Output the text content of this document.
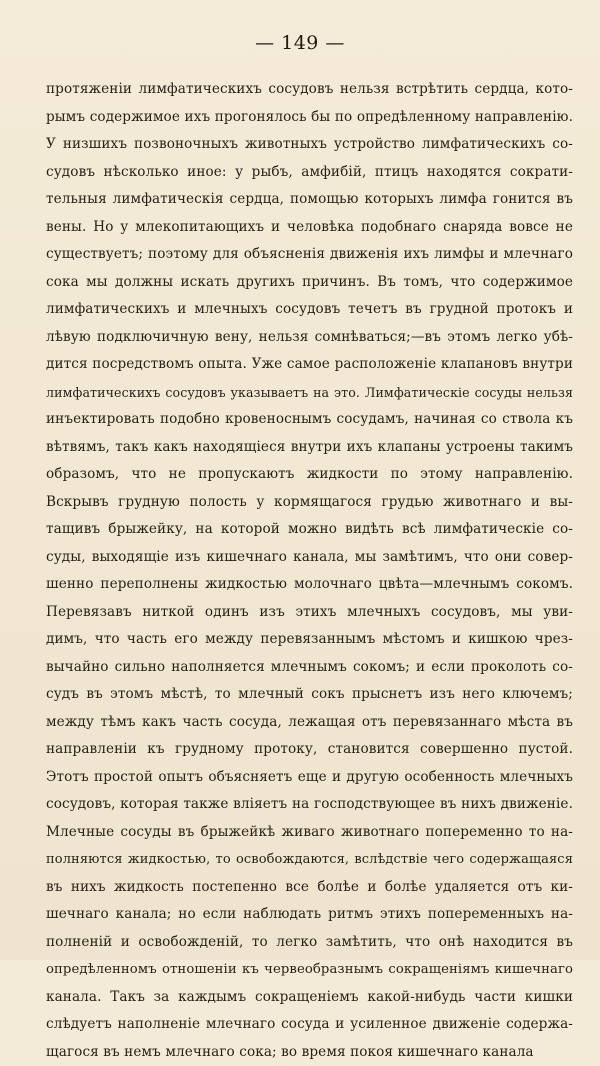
— 149 —
протяженіи лимфатическихъ сосудовъ нельзя встрѣтить сердца, кото-
рымъ содержимое ихъ прогонялось бы по опредѣленному направленію.
У низшихъ позвоночныхъ животныхъ устройство лимфатическихъ со-
судовъ нѣсколько иное: у рыбъ, амфибій, птицъ находятся сократи-
тельныя лимфатическія сердца, помощью которыхъ лимфа гонится въ
вены. Но у млекопитающихъ и человѣка подобнаго снаряда вовсе не
существуетъ; поэтому для объясненія движенія ихъ лимфы и млечнаго
сока мы должны искать другихъ причинъ. Въ томъ, что содержимое
лимфатическихъ и млечныхъ сосудовъ течетъ въ грудной протокъ и
лѣвую подключичную вену, нельзя сомнѣваться;—въ этомъ легко убѣ-
дится посредствомъ опыта. Уже самое расположеніе клапановъ внутри
лимфатическихъ сосудовъ указываетъ на это. Лимфатическіе сосуды нельзя
инъектировать подобно кровеноснымъ сосудамъ, начиная со ствола къ
вѣтвямъ, такъ какъ находящіеся внутри ихъ клапаны устроены такимъ
образомъ, что не пропускаютъ жидкости по этому направленію.
Вскрывъ грудную полость у кормящагося грудью животнаго и вы-
тащивъ брыжейку, на которой можно видѣть всѣ лимфатическіе со-
суды, выходящіе изъ кишечнаго канала, мы замѣтимъ, что они совер-
шенно переполнены жидкостью молочнаго цвѣта—млечнымъ сокомъ.
Перевязавъ ниткой одинъ изъ этихъ млечныхъ сосудовъ, мы уви-
димъ, что часть его между перевязаннымъ мѣстомъ и кишкою чрез-
вычайно сильно наполняется млечнымъ сокомъ; и если проколоть со-
судъ въ этомъ мѣстѣ, то млечный сокъ прыснетъ изъ него ключемъ;
между тѣмъ какъ часть сосуда, лежащая отъ перевязаннаго мѣста въ
направленіи къ грудному протоку, становится совершенно пустой.
Этотъ простой опытъ объясняетъ еще и другую особенность млечныхъ
сосудовъ, которая также вліяетъ на господствующее въ нихъ движеніе.
Млечные сосуды въ брыжейкѣ живаго животнаго попеременно то на-
полняются жидкостью, то освобождаются, вслѣдствіе чего содержащаяся
въ нихъ жидкость постепенно все болѣе и болѣе удаляется отъ ки-
шечнаго канала; но если наблюдать ритмъ этихъ попеременныхъ на-
полненій и освобожденій, то легко замѣтить, что онѣ находится въ
опредѣленномъ отношеніи къ червеобразнымъ сокращеніямъ кишечнаго
канала. Такъ за каждымъ сокращеніемъ какой-нибудь части кишки
слѣдуетъ наполненіе млечнаго сосуда и усиленное движеніе содержа-
щагося въ немъ млечнаго сока; во время покоя кишечнаго канала
